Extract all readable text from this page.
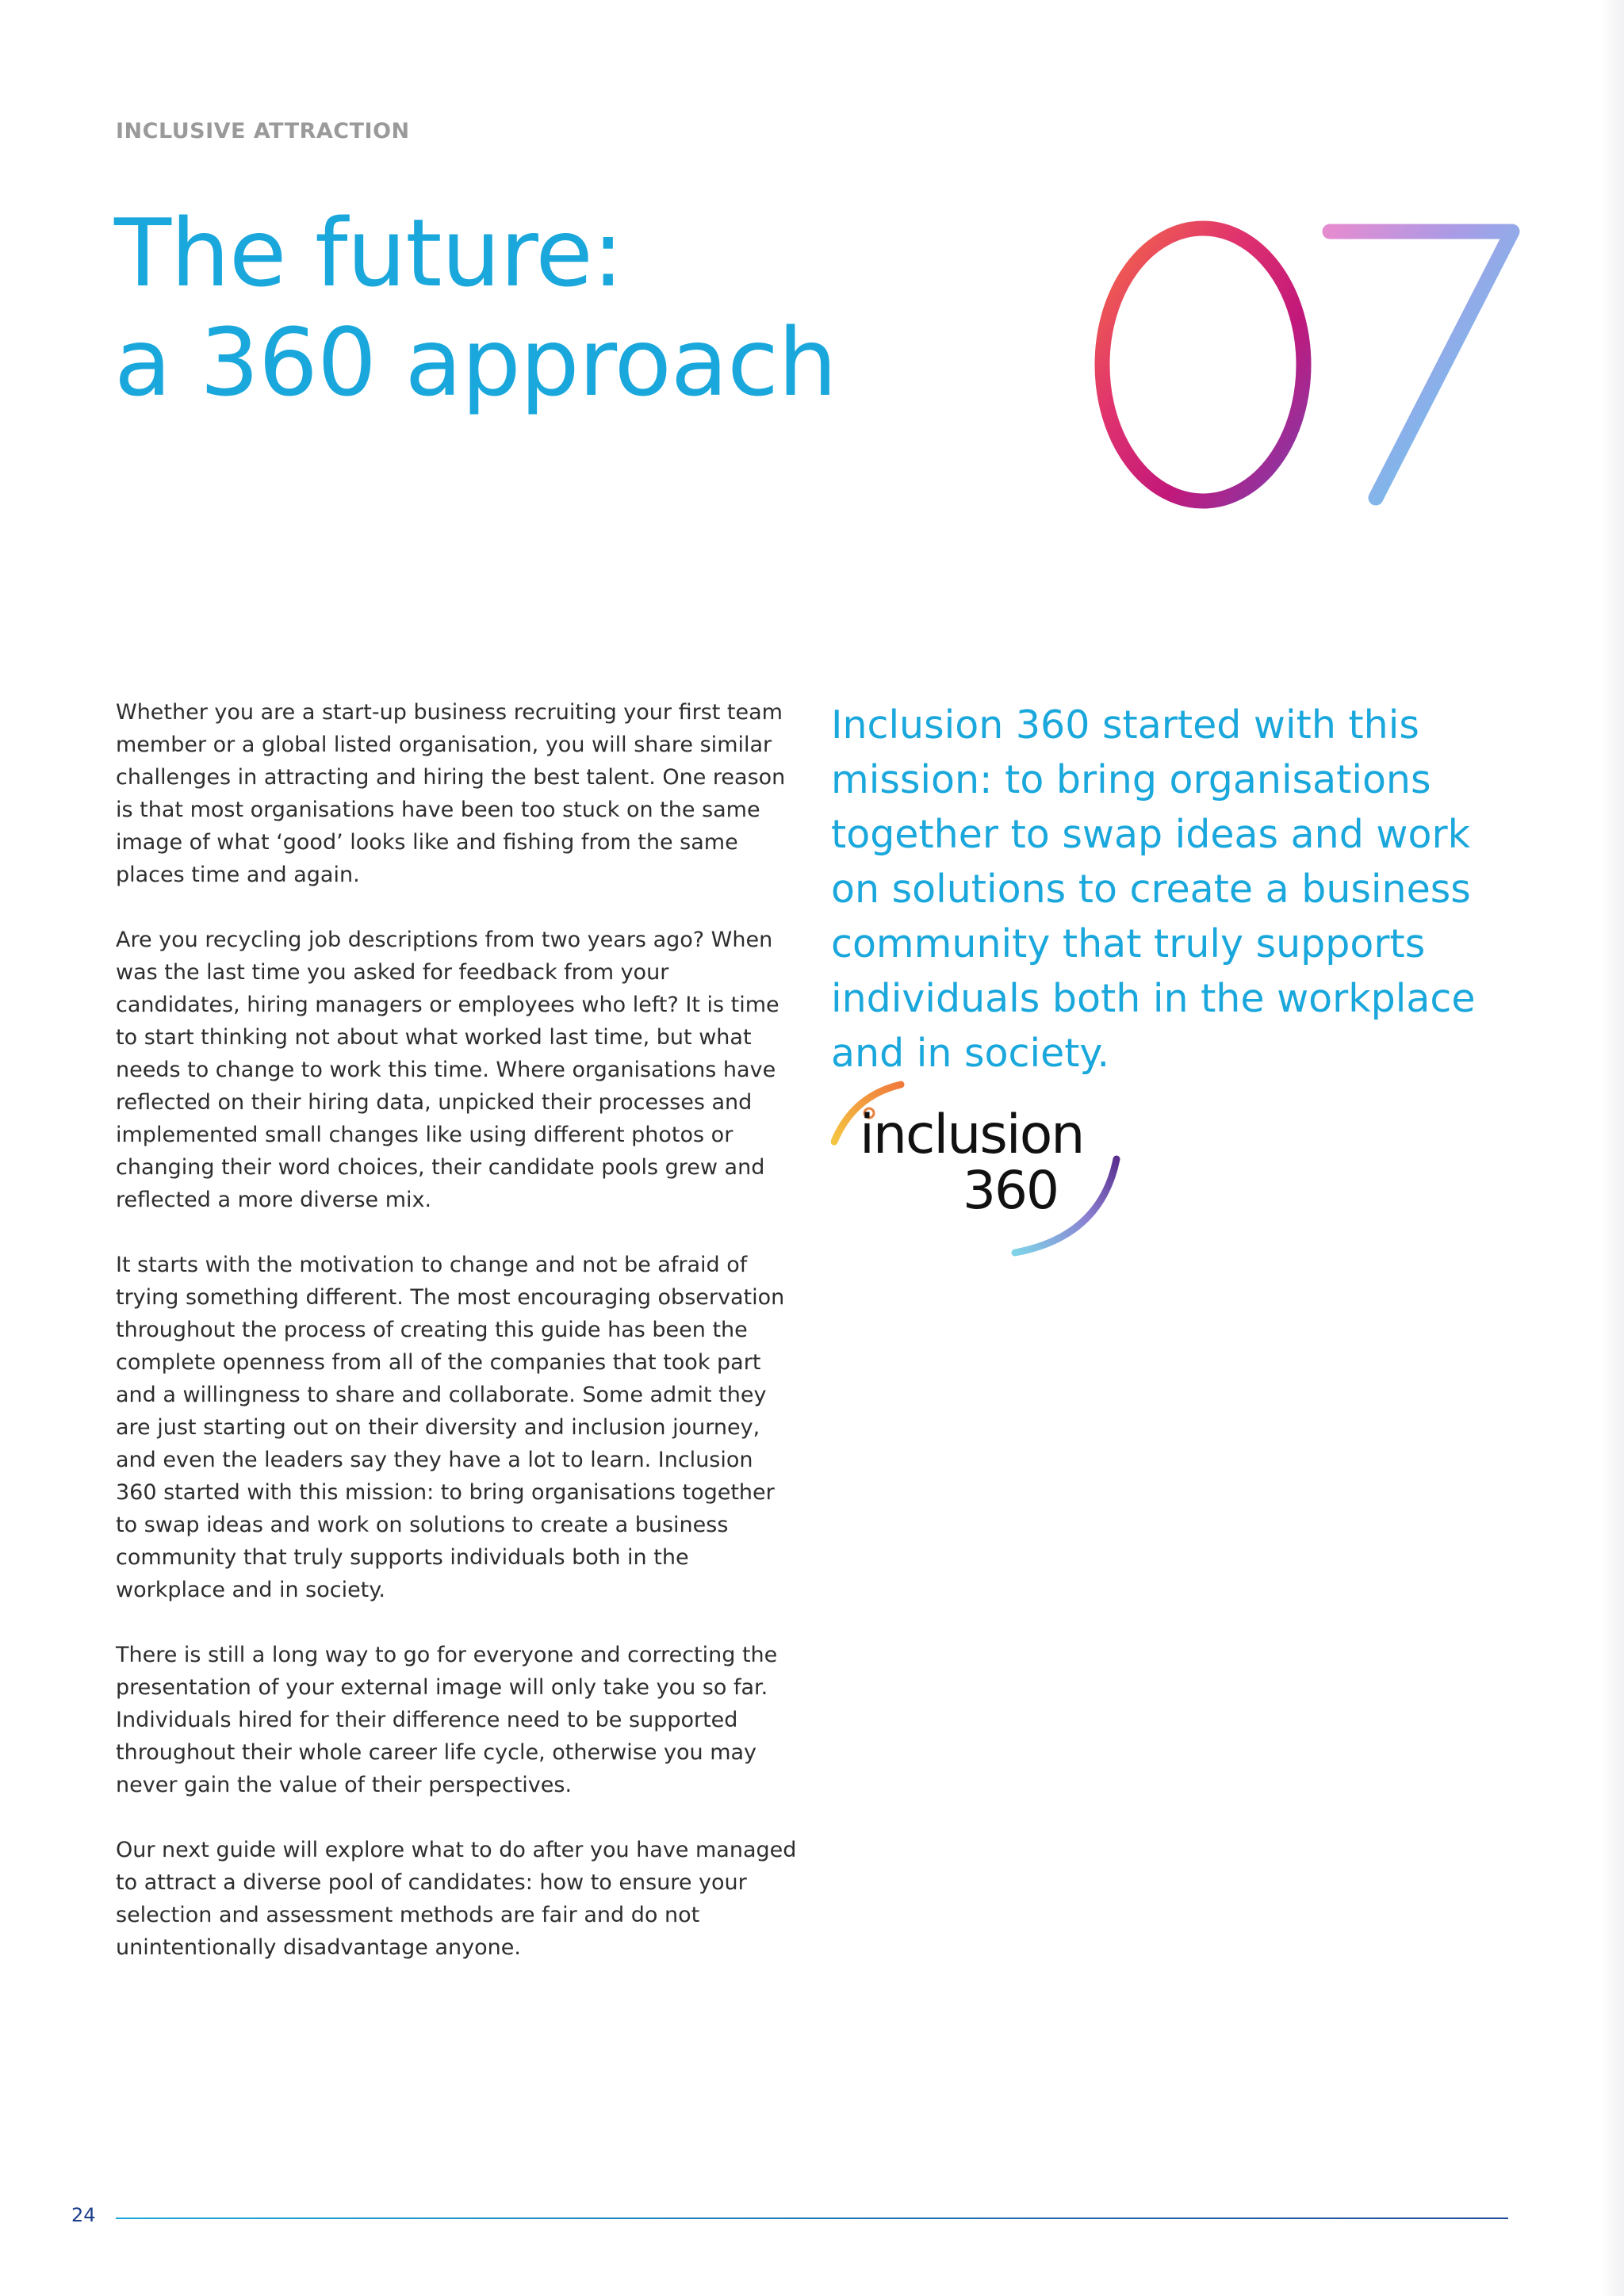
INCLUSIVE ATTRACTION
The future:
a 360 approach

Whether you are a start-up business recruiting your first team member or a global listed organisation, you will share similar challenges in attracting and hiring the best talent. One reason is that most organisations have been too stuck on the same image of what ‘good’ looks like and fishing from the same places time and again.

Are you recycling job descriptions from two years ago? When was the last time you asked for feedback from your candidates, hiring managers or employees who left? It is time to start thinking not about what worked last time, but what needs to change to work this time. Where organisations have reflected on their hiring data, unpicked their processes and implemented small changes like using different photos or changing their word choices, their candidate pools grew and reflected a more diverse mix.

It starts with the motivation to change and not be afraid of trying something different. The most encouraging observation throughout the process of creating this guide has been the complete openness from all of the companies that took part and a willingness to share and collaborate. Some admit they are just starting out on their diversity and inclusion journey, and even the leaders say they have a lot to learn. Inclusion 360 started with this mission: to bring organisations together to swap ideas and work on solutions to create a business community that truly supports individuals both in the workplace and in society.

There is still a long way to go for everyone and correcting the presentation of your external image will only take you so far. Individuals hired for their difference need to be supported throughout their whole career life cycle, otherwise you may never gain the value of their perspectives.

Our next guide will explore what to do after you have managed to attract a diverse pool of candidates: how to ensure your selection and assessment methods are fair and do not unintentionally disadvantage anyone.

Inclusion 360 started with this mission: to bring organisations together to swap ideas and work on solutions to create a business community that truly supports individuals both in the workplace and in society.

inclusion
360
24
